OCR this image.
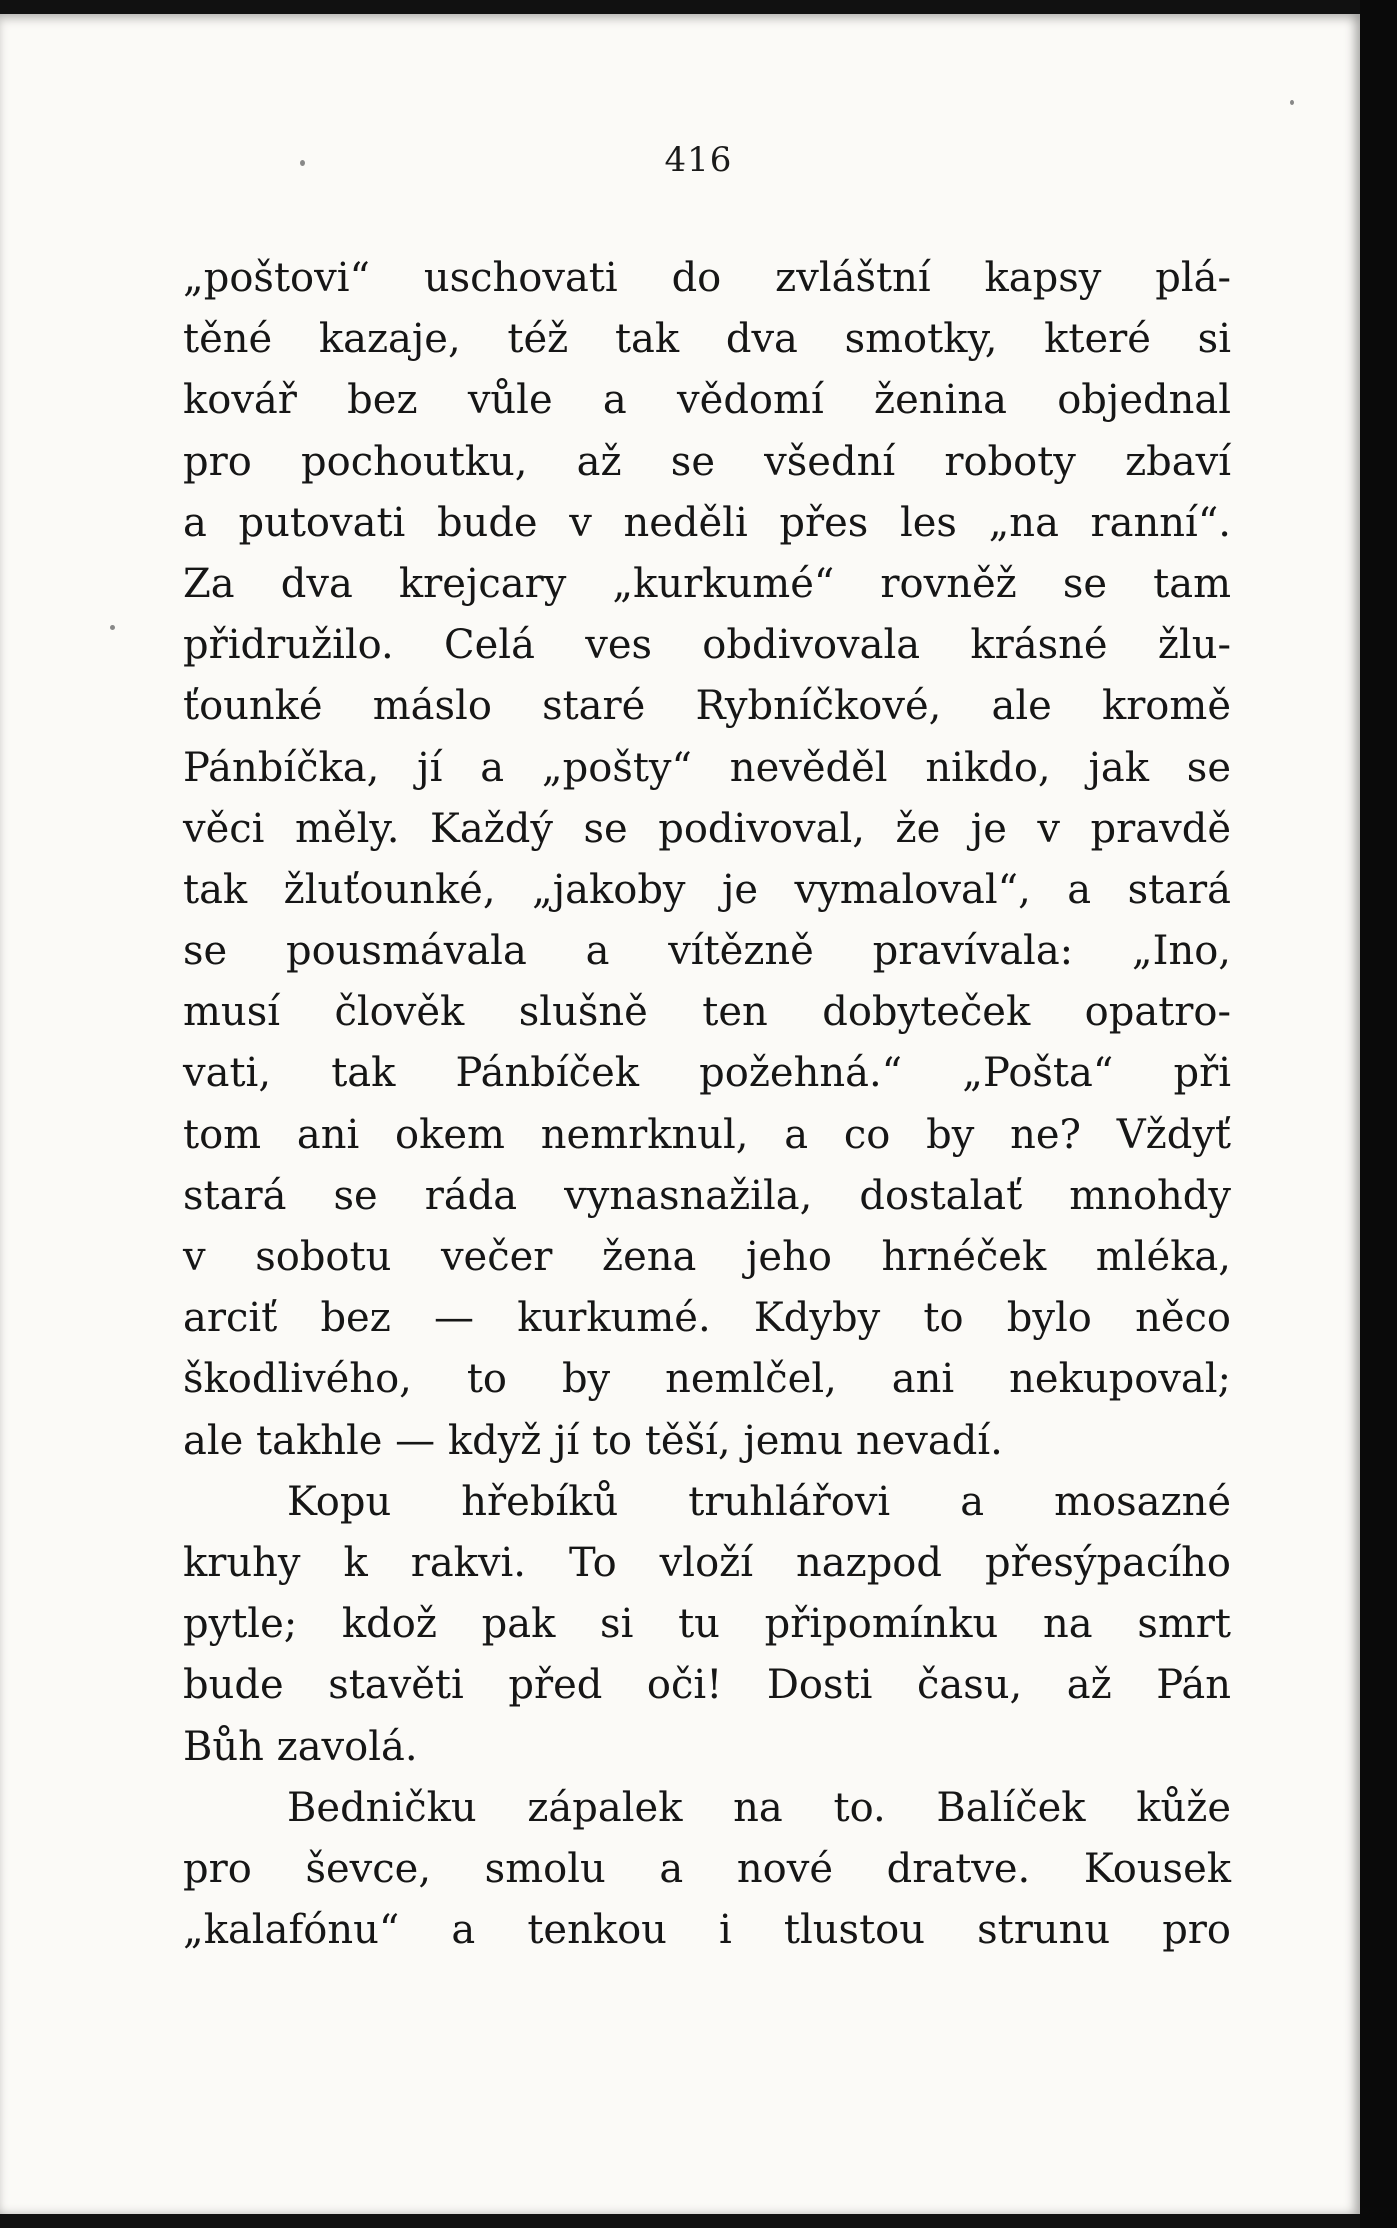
416
„poštovi“ uschovati do zvláštní kapsy plá-
těné kazaje, též tak dva smotky, které si
kovář bez vůle a vědomí ženina objednal
pro pochoutku, až se všední roboty zbaví
a putovati bude v neděli přes les „na ranní“.
Za dva krejcary „kurkumé“ rovněž se tam
přidružilo. Celá ves obdivovala krásné žlu-
ťounké máslo staré Rybníčkové, ale kromě
Pánbíčka, jí a „pošty“ nevěděl nikdo, jak se
věci měly. Každý se podivoval, že je v pravdě
tak žluťounké, „jakoby je vymaloval“, a stará
se pousmávala a vítězně pravívala: „Ino,
musí člověk slušně ten dobyteček opatro-
vati, tak Pánbíček požehná.“ „Pošta“ při
tom ani okem nemrknul, a co by ne? Vždyť
stará se ráda vynasnažila, dostalať mnohdy
v sobotu večer žena jeho hrnéček mléka,
arciť bez — kurkumé. Kdyby to bylo něco
škodlivého, to by nemlčel, ani nekupoval;
ale takhle — když jí to těší, jemu nevadí.
Kopu hřebíků truhlářovi a mosazné
kruhy k rakvi. To vloží nazpod přesýpacího
pytle; kdož pak si tu připomínku na smrt
bude stavěti před oči! Dosti času, až Pán
Bůh zavolá.
Bedničku zápalek na to. Balíček kůže
pro ševce, smolu a nové dratve. Kousek
„kalafónu“ a tenkou i tlustou strunu pro
